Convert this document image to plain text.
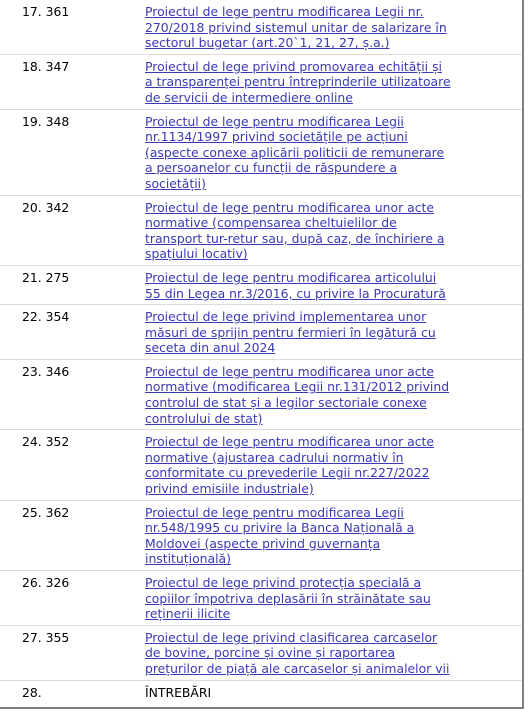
17. 361	Proiectul de lege pentru modificarea Legii nr. 270/2018 privind sistemul unitar de salarizare în sectorul bugetar (art.20`1, 21, 27, ș.a.)
18. 347	Proiectul de lege privind promovarea echității și a transparenței pentru întreprinderile utilizatoare de servicii de intermediere online
19. 348	Proiectul de lege pentru modificarea Legii nr.1134/1997 privind societățile pe acțiuni (aspecte conexe aplicării politicii de remunerare a persoanelor cu funcții de răspundere a societății)
20. 342	Proiectul de lege pentru modificarea unor acte normative (compensarea cheltuielilor de transport tur-retur sau, după caz, de închiriere a spațiului locativ)
21. 275	Proiectul de lege pentru modificarea articolului 55 din Legea nr.3/2016, cu privire la Procuratură
22. 354	Proiectul de lege privind implementarea unor măsuri de sprijin pentru fermieri în legătură cu seceta din anul 2024
23. 346	Proiectul de lege pentru modificarea unor acte normative (modificarea Legii nr.131/2012 privind controlul de stat și a legilor sectoriale conexe controlului de stat)
24. 352	Proiectul de lege pentru modificarea unor acte normative (ajustarea cadrului normativ în conformitate cu prevederile Legii nr.227/2022 privind emisiile industriale)
25. 362	Proiectul de lege pentru modificarea Legii nr.548/1995 cu privire la Banca Națională a Moldovei (aspecte privind guvernanța instituțională)
26. 326	Proiectul de lege privind protecția specială a copiilor împotriva deplasării în străinătate sau reținerii ilicite
27. 355	Proiectul de lege privind clasificarea carcaselor de bovine, porcine și ovine și raportarea prețurilor de piață ale carcaselor și animalelor vii
28.	ÎNTREBĂRI
